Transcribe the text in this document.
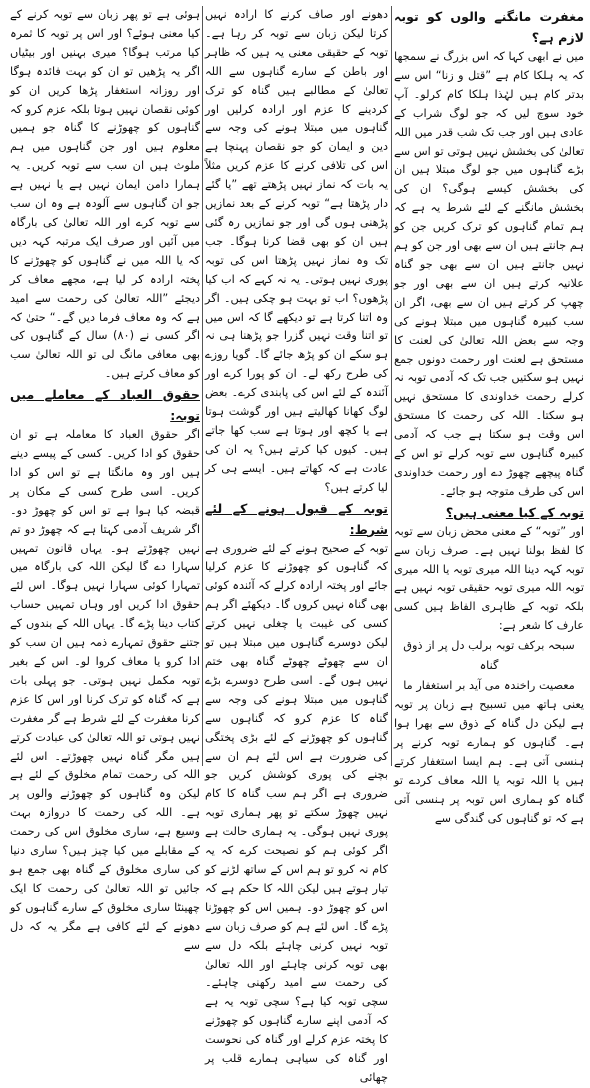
مغفرت مانگنے والوں کو توبہ لازم ہے؟
میں نے ابھی کہا کہ اس بزرگ نے سمجھا کہ یہ ہلکا کام ہے ”قتل و زنا“ اس سے بدتر کام ہیں لہٰذا ہلکا کام کرلو۔ آپ خود سوچ لیں کہ جو لوگ شراب کے عادی ہیں اور جب تک شب قدر میں اللہ تعالیٰ کی بخشش نہیں ہوتی تو اس سے بڑے گناہوں میں جو لوگ مبتلا ہیں ان کی بخشش کیسے ہوگی؟ ان کی بخشش مانگنے کے لئے شرط یہ ہے کہ ہم تمام گناہوں کو ترک کریں جن کو ہم جانتے ہیں ان سے بھی اور جن کو ہم نہیں جانتے ہیں ان سے بھی جو گناہ علانیہ کرتے ہیں ان سے بھی اور جو چھپ کر کرتے ہیں ان سے بھی، اگر ان سب کبیرہ گناہوں میں مبتلا ہونے کی وجہ سے بعض اللہ تعالیٰ کی لعنت کا مستحق ہے لعنت اور رحمت دونوں جمع نہیں ہو سکتیں جب تک کہ آدمی توبہ نہ کرلے رحمت خداوندی کا مستحق نہیں ہو سکتا۔ اللہ کی رحمت کا مستحق اس وقت ہو سکتا ہے جب کہ آدمی کبیرہ گناہوں سے توبہ کرلے تو اس کے گناہ پیچھے چھوڑ دے اور رحمت خداوندی اس کی طرف متوجہ ہو جائے۔
توبہ کے کیا معنی ہیں؟
اور ”توبہ“ کے معنی محض زبان سے توبہ کا لفظ بولنا نہیں ہے۔ صرف زبان سے توبہ کہہ دینا اللہ میری توبہ یا اللہ میری توبہ اللہ میری توبہ حقیقی توبہ نہیں ہے بلکہ توبہ کے ظاہری الفاظ ہیں کسی عارف کا شعر ہے:
سبحہ برکف توبہ برلب دل پر از ذوق گناہ
معصیت راخندہ می آید بر استغفار ما
یعنی ہاتھ میں تسبیح ہے زبان پر توبہ ہے لیکن دل گناہ کے ذوق سے بھرا ہوا ہے۔ گناہوں کو ہمارے توبہ کرنے پر ہنسی آتی ہے۔ ہم ایسا استغفار کرتے ہیں یا اللہ توبہ یا اللہ معاف کردے تو گناہ کو ہماری اس توبہ پر ہنسی آتی ہے کہ تو گناہوں کی گندگی سے
دھونے اور صاف کرنے کا ارادہ نہیں کرتا لیکن زبان سے توبہ کر رہا ہے۔ توبہ کے حقیقی معنی یہ ہیں کہ ظاہر اور باطن کے سارے گناہوں سے اللہ تعالیٰ کے مطالبے ہیں گناہ کو ترک کردینے کا عزم اور ارادہ کرلیں اور گناہوں میں مبتلا ہونے کی وجہ سے دین و ایمان کو جو نقصان پہنچا ہے اس کی تلافی کرنے کا عزم کریں مثلاً یہ بات کہ نماز نہیں پڑھتے تھے ”یا گئے دار پڑھتا ہے“ توبہ کرنے کے بعد نمازیں پڑھنی ہوں گی اور جو نمازیں رہ گئی ہیں ان کو بھی قضا کرنا ہوگا۔ جب تک وہ نماز نہیں پڑھتا اس کی توبہ پوری نہیں ہوتی۔ یہ نہ کہے کہ اب کیا پڑھوں؟ اب تو بہت ہو چکی ہیں۔ اگر وہ اتنا کرتا ہے تو دیکھے گا کہ اس میں تو اتنا وقت نہیں گزرا جو پڑھنا ہی نہ ہو سکے ان کو پڑھ جائے گا۔ گویا روزے کی طرح رکھ لے۔ ان کو پورا کرے اور آئندہ کے لئے اس کی پابندی کرے۔ بعض لوگ کھانا کھالیتے ہیں اور گوشت ہوتا ہے یا کچھ اور ہوتا ہے سب کھا جاتے ہیں۔ کیوں کیا کرتے ہیں؟ یہ ان کی عادت ہے کہ کھاتے ہیں۔ ایسے ہی کر لیا کرتے ہیں؟
توبہ کے قبول ہونے کے لئے شرط:
توبہ کے صحیح ہونے کے لئے ضروری ہے کہ گناہوں کو چھوڑنے کا عزم کرلیا جائے اور پختہ ارادہ کرلے کہ آئندہ کوئی بھی گناہ نہیں کروں گا۔ دیکھئے اگر ہم کسی کی غیبت یا چغلی نہیں کرتے لیکن دوسرے گناہوں میں مبتلا ہیں تو ان سے چھوٹے چھوٹے گناہ بھی ختم نہیں ہوں گے۔ اسی طرح دوسرے بڑے گناہوں میں مبتلا ہونے کی وجہ سے گناہ کا عزم کرو کہ گناہوں سے گناہوں کو چھوڑنے کے لئے بڑی پختگی کی ضرورت ہے اس لئے ہم ان سے بچنے کی پوری کوشش کریں جو ضروری ہے اگر ہم سب گناہ کا کام نہیں چھوڑ سکتے تو پھر ہماری توبہ پوری نہیں ہوگی۔ یہ ہماری حالت ہے اگر کوئی ہم کو نصیحت کرے کہ یہ کام نہ کرو تو ہم اس کے ساتھ لڑنے کو تیار ہوتے ہیں لیکن اللہ کا حکم ہے کہ اس کو چھوڑ دو۔ ہمیں اس کو چھوڑنا پڑے گا۔ اس لئے ہم کو صرف زبان سے توبہ نہیں کرنی چاہئے بلکہ دل سے بھی توبہ کرنی چاہئے اور اللہ تعالیٰ کی رحمت سے امید رکھنی چاہئے۔ سچی توبہ کیا ہے؟ سچی توبہ یہ ہے کہ آدمی اپنے سارے گناہوں کو چھوڑنے کا پختہ عزم کرلے اور گناہ کی نحوست اور گناہ کی سیاہی ہمارے قلب پر چھائی
ہوئی ہے تو پھر زبان سے توبہ کرنے کے کیا معنی ہوئے؟ اور اس پر توبہ کا ثمرہ کیا مرتب ہوگا؟ میری بہنیں اور بیٹیاں اگر یہ پڑھیں تو ان کو بہت فائدہ ہوگا اور روزانہ استغفار پڑھا کریں ان کو کوئی نقصان نہیں ہوتا بلکہ عزم کرو کہ گناہوں کو چھوڑنے کا گناہ جو ہمیں معلوم ہیں اور جن گناہوں میں ہم ملوث ہیں ان سب سے توبہ کریں۔ یہ ہمارا دامن ایمان نہیں ہے یا نہیں ہے جو ان گناہوں سے آلودہ ہے وہ ان سب سے توبہ کرے اور اللہ تعالیٰ کی بارگاہ میں آئیں اور صرف ایک مرتبہ کہہ دیں کہ یا اللہ میں نے گناہوں کو چھوڑنے کا پختہ ارادہ کر لیا ہے، مجھے معاف کر دیجئے ”اللہ تعالیٰ کی رحمت سے امید ہے کہ وہ معاف فرما دیں گے۔“ حتیٰ کہ اگر کسی نے (۸۰) سال کے گناہوں کی بھی معافی مانگ لی تو اللہ تعالیٰ سب کو معاف کرتے ہیں۔
حقوق العباد کے معاملے میں توبہ:
اگر حقوق العباد کا معاملہ ہے تو ان حقوق کو ادا کریں۔ کسی کے پیسے دینے ہیں اور وہ مانگتا ہے تو اس کو ادا کریں۔ اسی طرح کسی کے مکان پر قبضہ کیا ہوا ہے تو اس کو چھوڑ دو۔ اگر شریف آدمی کہتا ہے کہ چھوڑ دو تم نہیں چھوڑتے ہو۔ یہاں قانون تمہیں سہارا دے گا لیکن اللہ کی بارگاہ میں تمہارا کوئی سہارا نہیں ہوگا۔ اس لئے حقوق ادا کریں اور وہاں تمہیں حساب کتاب دینا پڑے گا۔ یہاں اللہ کے بندوں کے جتنے حقوق تمہارے ذمہ ہیں ان سب کو ادا کرو یا معاف کروا لو۔ اس کے بغیر توبہ مکمل نہیں ہوتی۔ جو پہلی بات ہے کہ گناہ کو ترک کرنا اور اس کا عزم کرنا مغفرت کے لئے شرط ہے گر مغفرت نہیں ہوتی تو اللہ تعالیٰ کی عبادت کرتے ہیں مگر گناہ نہیں چھوڑتے۔ اس لئے اللہ کی رحمت تمام مخلوق کے لئے ہے لیکن وہ گناہوں کو چھوڑنے والوں پر ہے۔ اللہ کی رحمت کا دروازہ بہت وسیع ہے، ساری مخلوق اس کی رحمت کے مقابلے میں کیا چیز ہیں؟ ساری دنیا کی ساری مخلوق کے گناہ بھی جمع ہو جائیں تو اللہ تعالیٰ کی رحمت کا ایک چھینٹا ساری مخلوق کے سارے گناہوں کو دھونے کے لئے کافی ہے مگر یہ کہ دل سے
